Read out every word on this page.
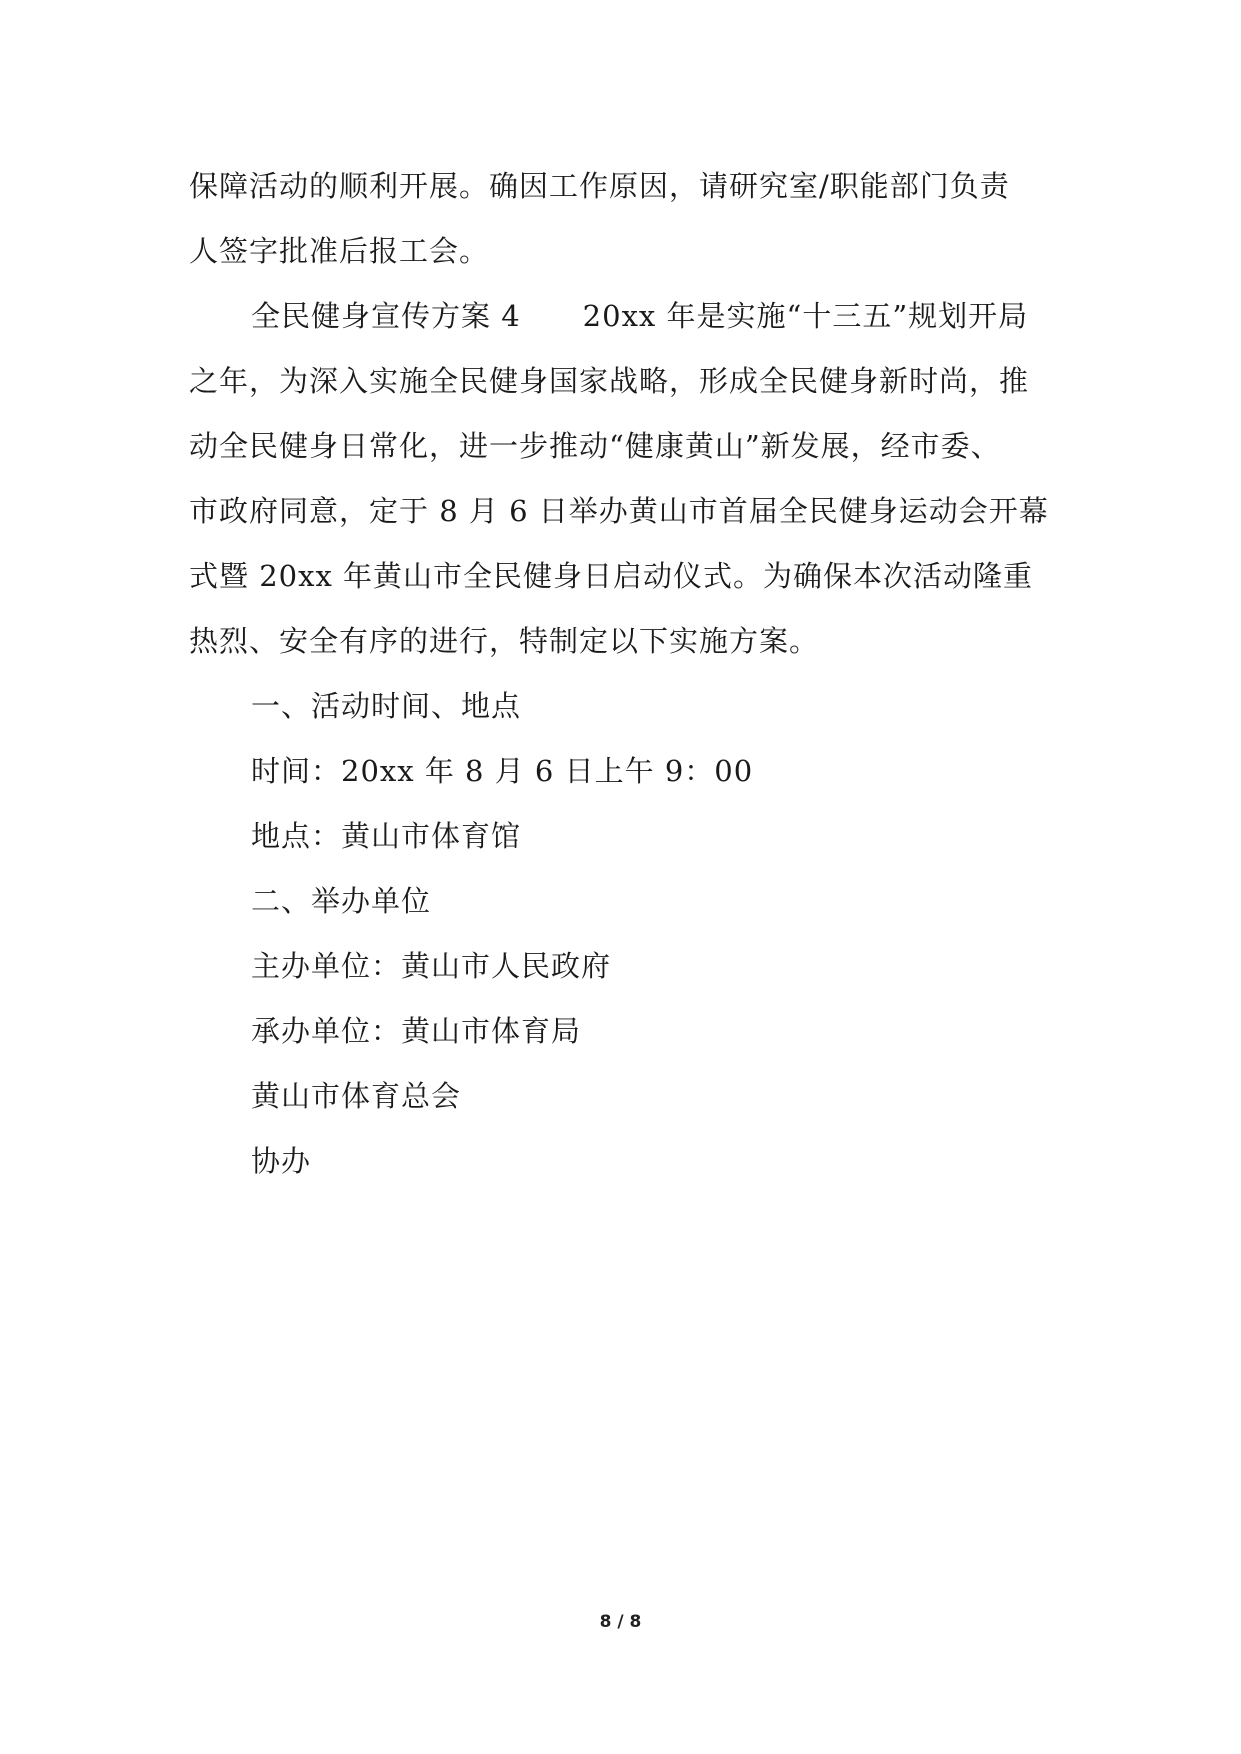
保障活动的顺利开展。确因工作原因，请研究室/职能部门负责

人签字批准后报工会。

全民健身宣传方案 4 20xx 年是实施“十三五”规划开局

之年，为深入实施全民健身国家战略，形成全民健身新时尚，推

动全民健身日常化，进一步推动“健康黄山”新发展，经市委、

市政府同意，定于 8 月 6 日举办黄山市首届全民健身运动会开幕

式暨 20xx 年黄山市全民健身日启动仪式。为确保本次活动隆重

热烈、安全有序的进行，特制定以下实施方案。

一、活动时间、地点

时间：20xx 年 8 月 6 日上午 9：00

地点：黄山市体育馆

二、举办单位

主办单位：黄山市人民政府

承办单位：黄山市体育局

黄山市体育总会

协办

8 / 8
